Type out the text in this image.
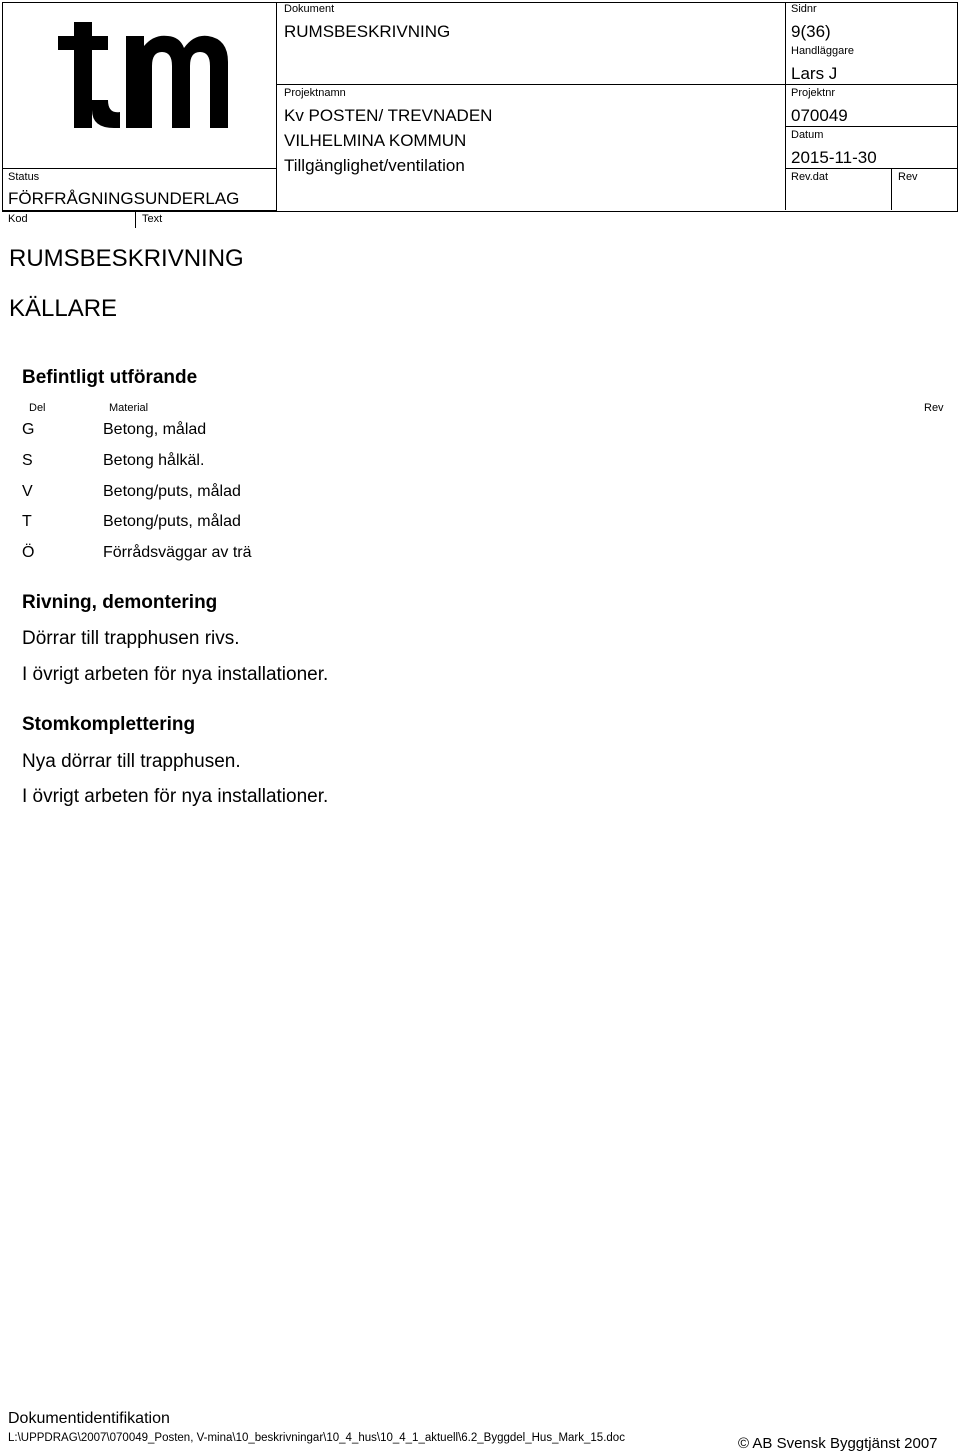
Status
FÖRFRÅGNINGSUNDERLAG
Kod	Text
Dokument
RUMSBESKRIVNING
Projektnamn
Kv POSTEN/ TREVNADEN
VILHELMINA KOMMUN
Tillgänglighet/ventilation
Sidnr
9(36)
Handläggare
Lars J
Projektnr
070049
Datum
2015-11-30
Rev.dat	Rev
RUMSBESKRIVNING
KÄLLARE
Befintligt utförande
Del	Material	Rev
G	Betong, målad
S	Betong hålkäl.
V	Betong/puts, målad
T	Betong/puts, målad
Ö	Förrådsväggar av trä
Rivning, demontering
Dörrar till trapphusen rivs.
I övrigt arbeten för nya installationer.
Stomkomplettering
Nya dörrar till trapphusen.
I övrigt arbeten för nya installationer.
Dokumentidentifikation
L:\UPPDRAG\2007\070049_Posten, V-mina\10_beskrivningar\10_4_hus\10_4_1_aktuell\6.2_Byggdel_Hus_Mark_15.doc	© AB Svensk Byggtjänst 2007
